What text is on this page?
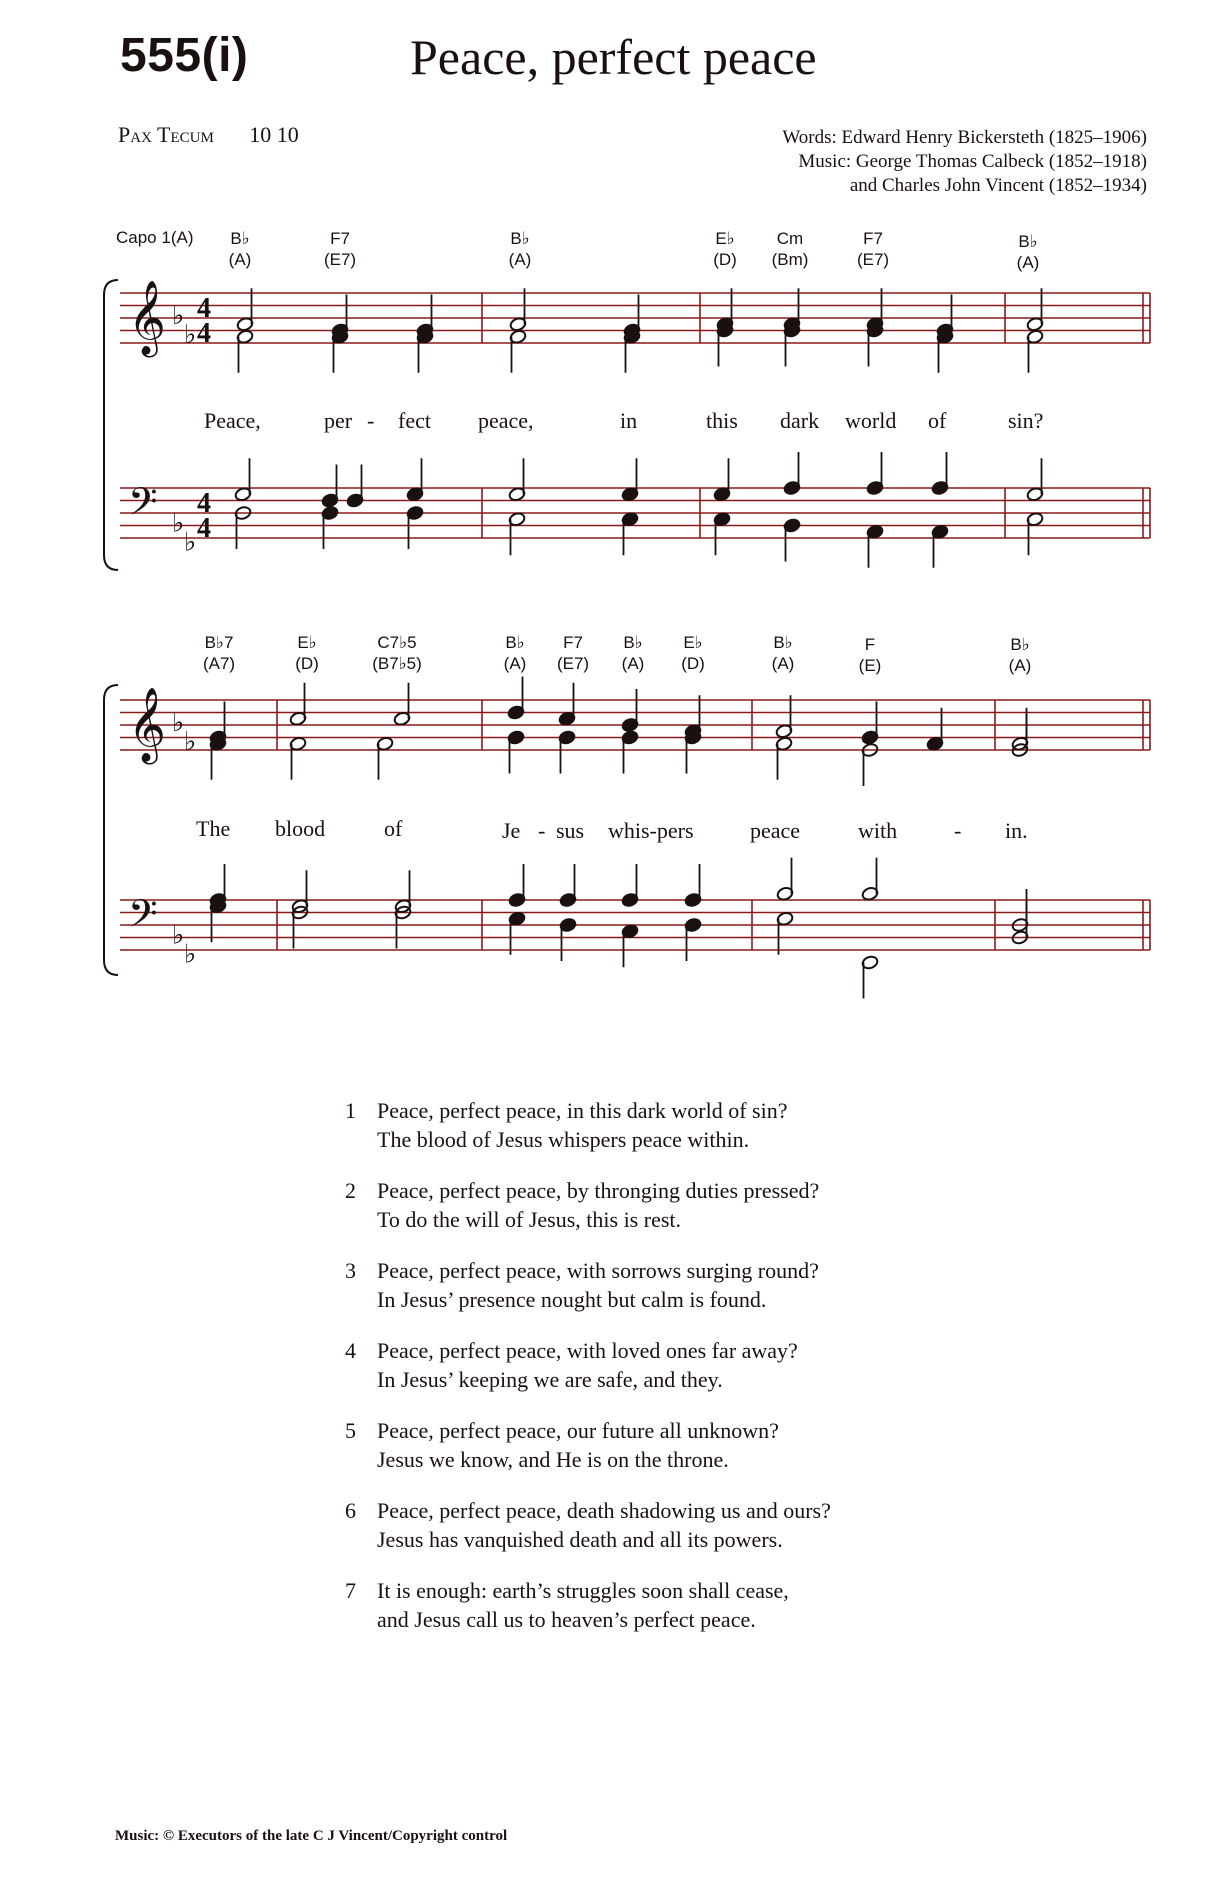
555(i)	Peace, perfect peace
Pax Tecum 10 10	Words: Edward Henry Bickersteth (1825–1906)
Music: George Thomas Calbeck (1852–1918)
and Charles John Vincent (1852–1934)
Capo 1(A)	B♭
(A)
F7
(E7)
B♭
(A)
E♭
(D)
Cm
(Bm)
F7
(E7)
B♭
(A)
Peace,	per - fect peace,	in	this dark world of	sin?
B♭7
(A7)
E♭
(D)
C7♭5
(B7♭5)
B♭
(A)
F7
(E7)
B♭
(A)
E♭
(D)
B♭
(A)
F
(E)
B♭
(A)
The blood	of	Je - sus whis-pers	peace	with	- in.
𝄞 ♭
♭
𝄢 ♭
♭
4
4
4
4
𝄞 ♭
♭
𝄢 ♭
♭
1 Peace, perfect peace, in this dark world of sin?
The blood of Jesus whispers peace within.
2 Peace, perfect peace, by thronging duties pressed?
To do the will of Jesus, this is rest.
3 Peace, perfect peace, with sorrows surging round?
In Jesus’ presence nought but calm is found.
4 Peace, perfect peace, with loved ones far away?
In Jesus’ keeping we are safe, and they.
5 Peace, perfect peace, our future all unknown?
Jesus we know, and He is on the throne.
6 Peace, perfect peace, death shadowing us and ours?
Jesus has vanquished death and all its powers.
7 It is enough: earth’s struggles soon shall cease,
and Jesus call us to heaven’s perfect peace.
Music: © Executors of the late C J Vincent/Copyright control
